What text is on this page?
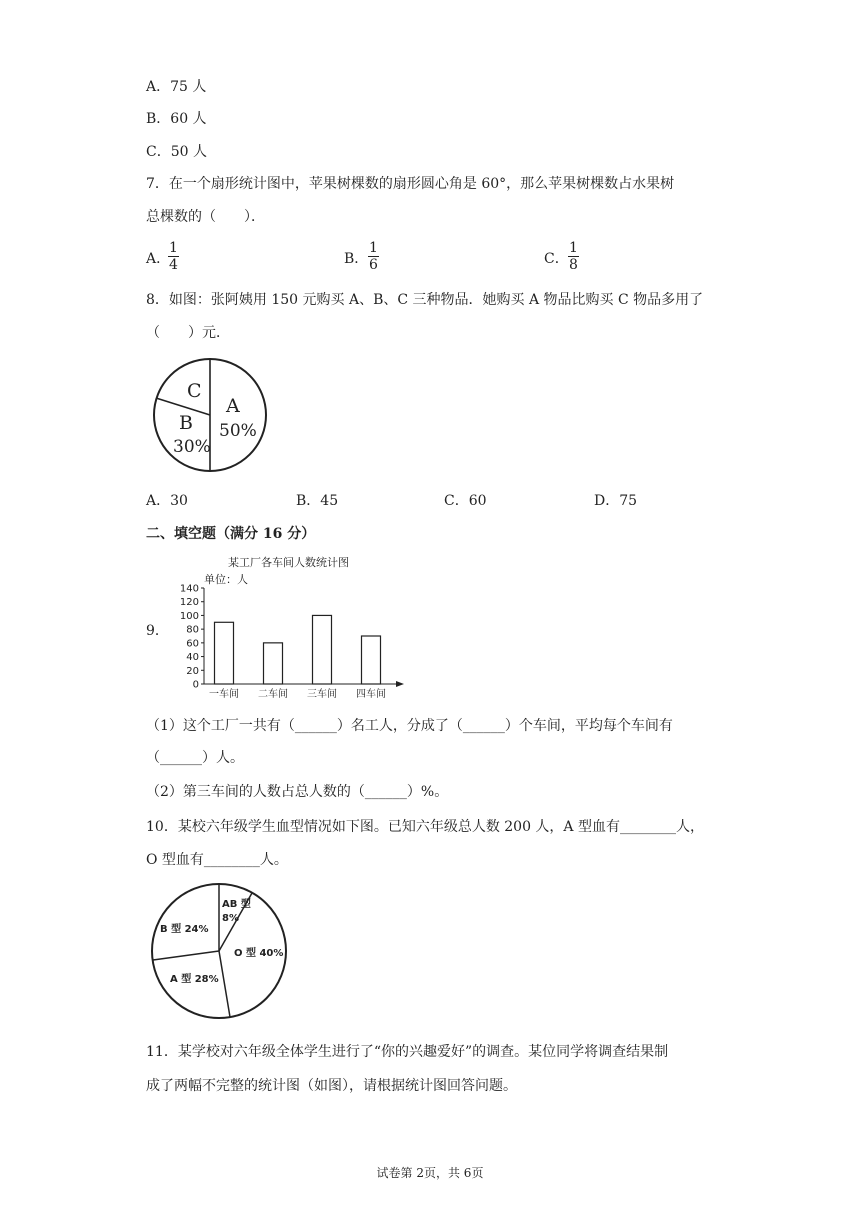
A．75 人
B．60 人
C．50 人
7．在一个扇形统计图中，苹果树棵数的扇形圆心角是 60°，那么苹果树棵数占水果树
总棵数的（　　）．
A．
$\frac{1}{4}$	B． $\frac{1}{6}$	C． $\frac{1}{8}$
8．如图：张阿姨用 150 元购买 A、B、C 三种物品．她购买 A 物品比购买 C 物品多用了
（　　）元．
C
A
50%
B
30%
A．30	B．45	C．60	D．75
二、填空题（满分 16 分）
9．
某工厂各车间人数统计图
单位：人
0
20
40
60
80
100
120
140
一车间 二车间 三车间 四车间
（1）这个工厂一共有（______）名工人，分成了（______）个车间，平均每个车间有
（______）人。
（2）第三车间的人数占总人数的（______）%。
10．某校六年级学生血型情况如下图。已知六年级总人数 200 人，A 型血有________人，
O 型血有________人。
AB 型
8%
B 型 24%
O 型 40%
A 型 28%
11．某学校对六年级全体学生进行了“你的兴趣爱好”的调查。某位同学将调查结果制
成了两幅不完整的统计图（如图），请根据统计图回答问题。
试卷第 2页，共 6页
